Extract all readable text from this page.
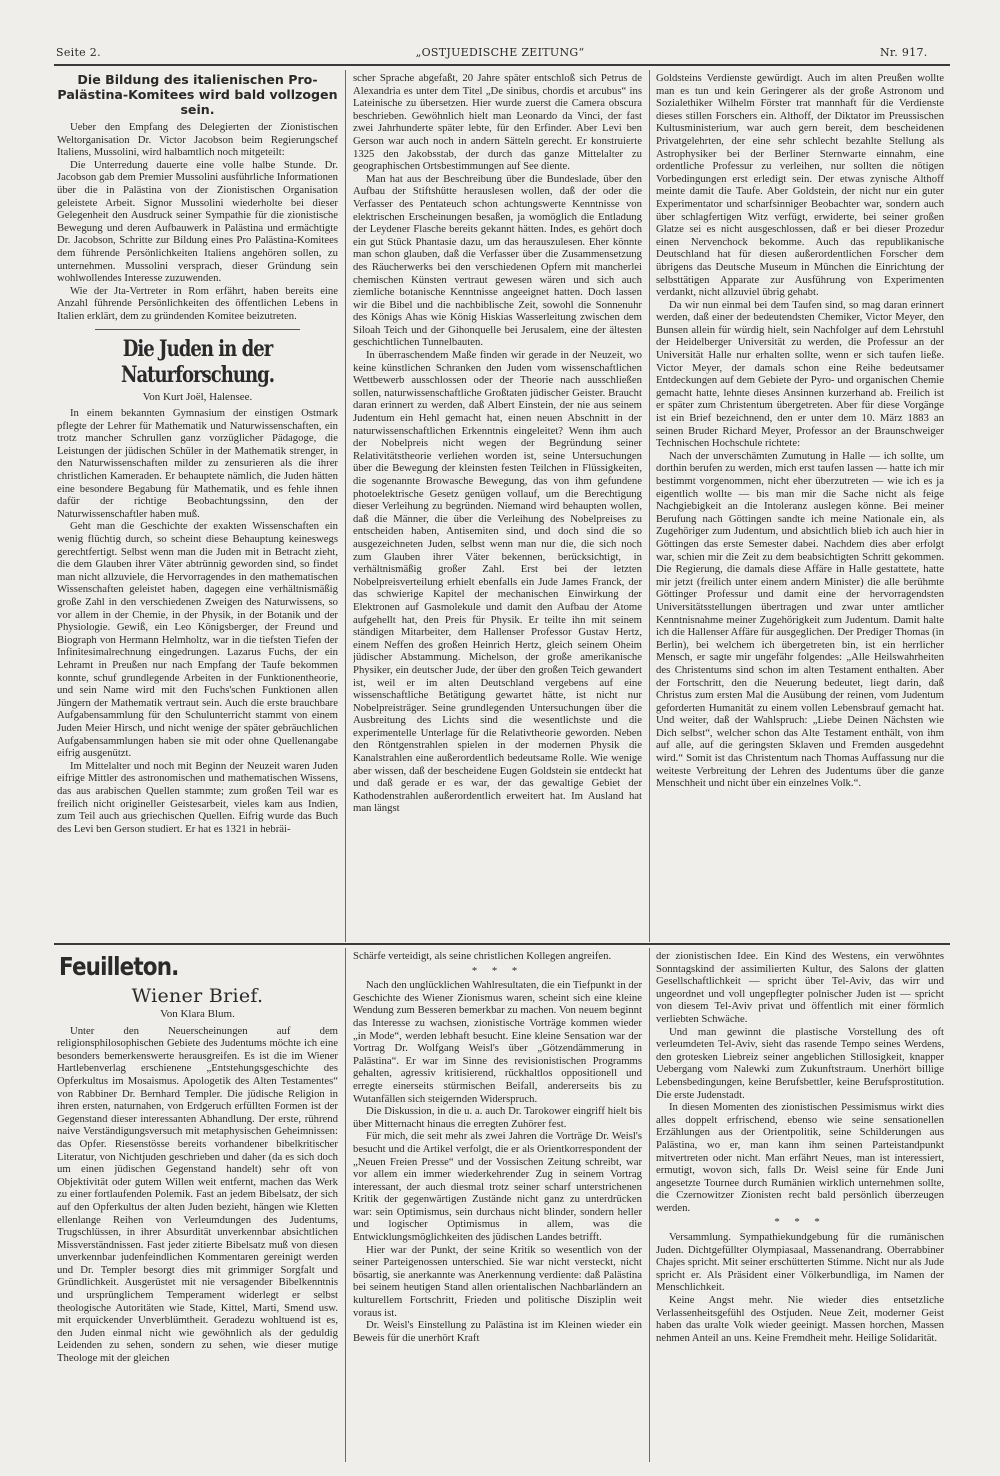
Seite 2.	„OSTJUEDISCHE ZEITUNG“	Nr. 917.
Die Bildung des italienischen Pro-Palästina-Komitees wird bald vollzogen sein.

Ueber den Empfang des Delegierten der Zionistischen Weltorganisation Dr. Victor Jacobson beim Regierungschef Italiens, Mussolini, wird halbamtlich noch mitgeteilt:

Die Unterredung dauerte eine volle halbe Stunde. Dr. Jacobson gab dem Premier Mussolini ausführliche Informationen über die in Palästina von der Zionistischen Organisation geleistete Arbeit. Signor Mussolini wiederholte bei dieser Gelegenheit den Ausdruck seiner Sympathie für die zionistische Bewegung und deren Aufbauwerk in Palästina und ermächtigte Dr. Jacobson, Schritte zur Bildung eines Pro Palästina-Komitees dem führende Persönlichkeiten Italiens angehören sollen, zu unternehmen. Mussolini versprach, dieser Gründung sein wohlwollendes Interesse zuzuwenden.

Wie der Jta-Vertreter in Rom erfährt, haben bereits eine Anzahl führende Persönlichkeiten des öffentlichen Lebens in Italien erklärt, dem zu gründenden Komitee beizutreten.

Die Juden in der Naturforschung.
Von Kurt Joël, Halensee.

In einem bekannten Gymnasium der einstigen Ostmark pflegte der Lehrer für Mathematik und Naturwissenschaften, ein trotz mancher Schrullen ganz vorzüglicher Pädagoge, die Leistungen der jüdischen Schüler in der Mathematik strenger, in den Naturwissenschaften milder zu zensurieren als die ihrer christlichen Kameraden. Er behauptete nämlich, die Juden hätten eine besondere Begabung für Mathematik, und es fehle ihnen dafür der richtige Beobachtungssinn, den der Naturwissenschaftler haben muß.

Geht man die Geschichte der exakten Wissenschaften ein wenig flüchtig durch, so scheint diese Behauptung keineswegs gerechtfertigt. Selbst wenn man die Juden mit in Betracht zieht, die dem Glauben ihrer Väter abtrünnig geworden sind, so findet man nicht allzuviele, die Hervorragendes in den mathematischen Wissenschaften geleistet haben, dagegen eine verhältnismäßig große Zahl in den verschiedenen Zweigen des Naturwissens, so vor allem in der Chemie, in der Physik, in der Botanik und der Physiologie. Gewiß, ein Leo Königsberger, der Freund und Biograph von Hermann Helmholtz, war in die tiefsten Tiefen der Infinitesimalrechnung eingedrungen. Lazarus Fuchs, der ein Lehramt in Preußen nur nach Empfang der Taufe bekommen konnte, schuf grundlegende Arbeiten in der Funktionentheorie, und sein Name wird mit den Fuchs'schen Funktionen allen Jüngern der Mathematik vertraut sein. Auch die erste brauchbare Aufgabensammlung für den Schulunterricht stammt von einem Juden Meier Hirsch, und nicht wenige der später gebräuchlichen Aufgabensammlungen haben sie mit oder ohne Quellenangabe eifrig ausgenützt.

Im Mittelalter und noch mit Beginn der Neuzeit waren Juden eifrige Mittler des astronomischen und mathematischen Wissens, das aus arabischen Quellen stammte; zum großen Teil war es freilich nicht origineller Geistesarbeit, vieles kam aus Indien, zum Teil auch aus griechischen Quellen. Eifrig wurde das Buch des Levi ben Gerson studiert. Er hat es 1321 in hebräi-

scher Sprache abgefaßt, 20 Jahre später entschloß sich Petrus de Alexandria es unter dem Titel „De sinibus, chordis et arcubus“ ins Lateinische zu übersetzen. Hier wurde zuerst die Camera obscura beschrieben. Gewöhnlich hielt man Leonardo da Vinci, der fast zwei Jahrhunderte später lebte, für den Erfinder. Aber Levi ben Gerson war auch noch in andern Sätteln gerecht. Er konstruierte 1325 den Jakobsstab, der durch das ganze Mittelalter zu geographischen Ortsbestimmungen auf See diente.

Man hat aus der Beschreibung über die Bundeslade, über den Aufbau der Stiftshütte herauslesen wollen, daß der oder die Verfasser des Pentateuch schon achtungswerte Kenntnisse von elektrischen Erscheinungen besaßen, ja womöglich die Entladung der Leydener Flasche bereits gekannt hätten. Indes, es gehört doch ein gut Stück Phantasie dazu, um das herauszulesen. Eher könnte man schon glauben, daß die Verfasser über die Zusammensetzung des Räucherwerks bei den verschiedenen Opfern mit mancherlei chemischen Künsten vertraut gewesen wären und sich auch ziemliche botanische Kenntnisse angeeignet hatten. Doch lassen wir die Bibel und die nachbiblische Zeit, sowohl die Sonnenuhr des Königs Ahas wie König Hiskias Wasserleitung zwischen dem Siloah Teich und der Gihonquelle bei Jerusalem, eine der ältesten geschichtlichen Tunnelbauten.

In überraschendem Maße finden wir gerade in der Neuzeit, wo keine künstlichen Schranken den Juden vom wissenschaftlichen Wettbewerb ausschlossen oder der Theorie nach ausschließen sollen, naturwissenschaftliche Großtaten jüdischer Geister. Braucht daran erinnert zu werden, daß Albert Einstein, der nie aus seinem Judentum ein Hehl gemacht hat, einen neuen Abschnitt in der naturwissenschaftlichen Erkenntnis eingeleitet? Wenn ihm auch der Nobelpreis nicht wegen der Begründung seiner Relativitätstheorie verliehen worden ist, seine Untersuchungen über die Bewegung der kleinsten festen Teilchen in Flüssigkeiten, die sogenannte Browasche Bewegung, das von ihm gefundene photoelektrische Gesetz genügen vollauf, um die Berechtigung dieser Verleihung zu begründen. Niemand wird behaupten wollen, daß die Männer, die über die Verleihung des Nobelpreises zu entscheiden haben, Antisemiten sind, und doch sind die so ausgezeichneten Juden, selbst wenn man nur die, die sich noch zum Glauben ihrer Väter bekennen, berücksichtigt, in verhältnismäßig großer Zahl. Erst bei der letzten Nobelpreisverteilung erhielt ebenfalls ein Jude James Franck, der das schwierige Kapitel der mechanischen Einwirkung der Elektronen auf Gasmolekule und damit den Aufbau der Atome aufgehellt hat, den Preis für Physik. Er teilte ihn mit seinem ständigen Mitarbeiter, dem Hallenser Professor Gustav Hertz, einem Neffen des großen Heinrich Hertz, gleich seinem Oheim jüdischer Abstammung. Michelson, der große amerikanische Physiker, ein deutscher Jude, der über den großen Teich gewandert ist, weil er im alten Deutschland vergebens auf eine wissenschaftliche Betätigung gewartet hätte, ist nicht nur Nobelpreisträger. Seine grundlegenden Untersuchungen über die Ausbreitung des Lichts sind die wesentlichste und die experimentelle Unterlage für die Relativtheorie geworden. Neben den Röntgenstrahlen spielen in der modernen Physik die Kanalstrahlen eine außerordentlich bedeutsame Rolle. Wie wenige aber wissen, daß der bescheidene Eugen Goldstein sie entdeckt hat und daß gerade er es war, der das gewaltige Gebiet der Kathodenstrahlen außerordentlich erweitert hat. Im Ausland hat man längst

Goldsteins Verdienste gewürdigt. Auch im alten Preußen wollte man es tun und kein Geringerer als der große Astronom und Sozialethiker Wilhelm Förster trat mannhaft für die Verdienste dieses stillen Forschers ein. Althoff, der Diktator im Preussischen Kultusministerium, war auch gern bereit, dem bescheidenen Privatgelehrten, der eine sehr schlecht bezahlte Stellung als Astrophysiker bei der Berliner Sternwarte einnahm, eine ordentliche Professur zu verleihen, nur sollten die nötigen Vorbedingungen erst erledigt sein. Der etwas zynische Althoff meinte damit die Taufe. Aber Goldstein, der nicht nur ein guter Experimentator und scharfsinniger Beobachter war, sondern auch über schlagfertigen Witz verfügt, erwiderte, bei seiner großen Glatze sei es nicht ausgeschlossen, daß er bei dieser Prozedur einen Nervenchock bekomme. Auch das republikanische Deutschland hat für diesen außerordentlichen Forscher dem übrigens das Deutsche Museum in München die Einrichtung der selbsttätigen Apparate zur Ausführung von Experimenten verdankt, nicht allzuviel übrig gehabt.

Da wir nun einmal bei dem Taufen sind, so mag daran erinnert werden, daß einer der bedeutendsten Chemiker, Victor Meyer, den Bunsen allein für würdig hielt, sein Nachfolger auf dem Lehrstuhl der Heidelberger Universität zu werden, die Professur an der Universität Halle nur erhalten sollte, wenn er sich taufen ließe. Victor Meyer, der damals schon eine Reihe bedeutsamer Entdeckungen auf dem Gebiete der Pyro- und organischen Chemie gemacht hatte, lehnte dieses Ansinnen kurzerhand ab. Freilich ist er später zum Christentum übergetreten. Aber für diese Vorgänge ist ein Brief bezeichnend, den er unter dem 10. März 1883 an seinen Bruder Richard Meyer, Professor an der Braunschweiger Technischen Hochschule richtete:

Nach der unverschämten Zumutung in Halle — ich sollte, um dorthin berufen zu werden, mich erst taufen lassen — hatte ich mir bestimmt vorgenommen, nicht eher überzutreten — wie ich es ja eigentlich wollte — bis man mir die Sache nicht als feige Nachgiebigkeit an die Intoleranz auslegen könne. Bei meiner Berufung nach Göttingen sandte ich meine Nationale ein, als Zugehöriger zum Judentum, und absichtlich blieb ich auch hier in Göttingen das erste Semester dabei. Nachdem dies aber erfolgt war, schien mir die Zeit zu dem beabsichtigten Schritt gekommen. Die Regierung, die damals diese Affäre in Halle gestattete, hatte mir jetzt (freilich unter einem andern Minister) die alle berühmte Göttinger Professur und damit eine der hervorragendsten Universitätsstellungen übertragen und zwar unter amtlicher Kenntnisnahme meiner Zugehörigkeit zum Judentum. Damit halte ich die Hallenser Affäre für ausgeglichen. Der Prediger Thomas (in Berlin), bei welchem ich übergetreten bin, ist ein herrlicher Mensch, er sagte mir ungefähr folgendes: „Alle Heilswahrheiten des Christentums sind schon im alten Testament enthalten. Aber der Fortschritt, den die Neuerung bedeutet, liegt darin, daß Christus zum ersten Mal die Ausübung der reinen, vom Judentum geforderten Humanität zu einem vollen Lebensbrauf gemacht hat. Und weiter, daß der Wahlspruch: „Liebe Deinen Nächsten wie Dich selbst“, welcher schon das Alte Testament enthält, von ihm auf alle, auf die geringsten Sklaven und Fremden ausgedehnt wird.“ Somit ist das Christentum nach Thomas Auffassung nur die weiteste Verbreitung der Lehren des Judentums über die ganze Menschheit und nicht über ein einzelnes Volk.“.

Feuilleton.
Wiener Brief.
Von Klara Blum.

Unter den Neuerscheinungen auf dem religionsphilosophischen Gebiete des Judentums möchte ich eine besonders bemerkenswerte herausgreifen. Es ist die im Wiener Hartlebenverlag erschienene „Entstehungsgeschichte des Opferkultus im Mosaismus. Apologetik des Alten Testamentes“ von Rabbiner Dr. Bernhard Templer. Die jüdische Religion in ihren ersten, naturnahen, von Erdgeruch erfüllten Formen ist der Gegenstand dieser interessanten Abhandlung. Der erste, rührend naive Verständigungsversuch mit metaphysischen Geheimnissen: das Opfer. Riesenstösse bereits vorhandener bibelkritischer Literatur, von Nichtjuden geschrieben und daher (da es sich doch um einen jüdischen Gegenstand handelt) sehr oft von Objektivität oder gutem Willen weit entfernt, machen das Werk zu einer fortlaufenden Polemik. Fast an jedem Bibelsatz, der sich auf den Opferkultus der alten Juden bezieht, hängen wie Kletten ellenlange Reihen von Verleumdungen des Judentums, Trugschlüssen, in ihrer Absurdität unverkennbar absichtlichen Missverständnissen. Fast jeder zitierte Bibelsatz muß von diesen unverkennbar judenfeindlichen Kommentaren gereinigt werden und Dr. Templer besorgt dies mit grimmiger Sorgfalt und Gründlichkeit. Ausgerüstet mit nie versagender Bibelkenntnis und ursprünglichem Temperament widerlegt er selbst theologische Autoritäten wie Stade, Kittel, Marti, Smend usw. mit erquickender Unverblümtheit. Geradezu wohltuend ist es, den Juden einmal nicht wie gewöhnlich als der geduldig Leidenden zu sehen, sondern zu sehen, wie dieser mutige Theologe mit der gleichen

Schärfe verteidigt, als seine christlichen Kollegen angreifen.

* * *

Nach den unglücklichen Wahlresultaten, die ein Tiefpunkt in der Geschichte des Wiener Zionismus waren, scheint sich eine kleine Wendung zum Besseren bemerkbar zu machen. Von neuem beginnt das Interesse zu wachsen, zionistische Vorträge kommen wieder „in Mode“, werden lebhaft besucht. Eine kleine Sensation war der Vortrag Dr. Wolfgang Weisl's über „Götzendämmerung in Palästina“. Er war im Sinne des revisionistischen Programms gehalten, agressiv kritisierend, rückhaltlos oppositionell und erregte einerseits stürmischen Beifall, andererseits bis zu Wutanfällen sich steigernden Widerspruch.

Die Diskussion, in die u. a. auch Dr. Tarokower eingriff hielt bis über Mitternacht hinaus die erregten Zuhörer fest.

Für mich, die seit mehr als zwei Jahren die Vorträge Dr. Weisl's besucht und die Artikel verfolgt, die er als Orientkorrespondent der „Neuen Freien Presse“ und der Vossischen Zeitung schreibt, war vor allem ein immer wiederkehrender Zug in seinem Vortrag interessant, der auch diesmal trotz seiner scharf unterstrichenen Kritik der gegenwärtigen Zustände nicht ganz zu unterdrücken war: sein Optimismus, sein durchaus nicht blinder, sondern heller und logischer Optimismus in allem, was die Entwicklungsmöglichkeiten des jüdischen Landes betrifft.

Hier war der Punkt, der seine Kritik so wesentlich von der seiner Parteigenossen unterschied. Sie war nicht versteckt, nicht bösartig, sie anerkannte was Anerkennung verdiente: daß Palästina bei seinem heutigen Stand allen orientalischen Nachbarländern an kulturellem Fortschritt, Frieden und politische Disziplin weit voraus ist.

Dr. Weisl's Einstellung zu Palästina ist im Kleinen wieder ein Beweis für die unerhört Kraft

der zionistischen Idee. Ein Kind des Westens, ein verwöhntes Sonntagskind der assimilierten Kultur, des Salons der glatten Gesellschaftlichkeit — spricht über Tel-Aviv, das wirr und ungeordnet und voll ungepflegter polnischer Juden ist — spricht von diesem Tel-Aviv privat und öffentlich mit einer förmlich verliebten Schwäche.

Und man gewinnt die plastische Vorstellung des oft verleumdeten Tel-Aviv, sieht das rasende Tempo seines Werdens, den grotesken Liebreiz seiner angeblichen Stillosigkeit, knapper Uebergang vom Nalewki zum Zukunftstraum. Unerhört billige Lebensbedingungen, keine Berufsbettler, keine Berufsprostitution. Die erste Judenstadt.

In diesen Momenten des zionistischen Pessimismus wirkt dies alles doppelt erfrischend, ebenso wie seine sensationellen Erzählungen aus der Orientpolitik, seine Schilderungen aus Palästina, wo er, man kann ihm seinen Parteistandpunkt mitvertreten oder nicht. Man erfährt Neues, man ist interessiert, ermutigt, wovon sich, falls Dr. Weisl seine für Ende Juni angesetzte Tournee durch Rumänien wirklich unternehmen sollte, die Czernowitzer Zionisten recht bald persönlich überzeugen werden.

* * *

Versammlung. Sympathiekundgebung für die rumänischen Juden. Dichtgefüllter Olympiasaal, Massenandrang. Oberrabbiner Chajes spricht. Mit seiner erschütterten Stimme. Nicht nur als Jude spricht er. Als Präsident einer Völkerbundliga, im Namen der Menschlichkeit.

Keine Angst mehr. Nie wieder dies entsetzliche Verlassenheitsgefühl des Ostjuden. Neue Zeit, moderner Geist haben das uralte Volk wieder geeinigt. Massen horchen, Massen nehmen Anteil an uns. Keine Fremdheit mehr. Heilige Solidarität.
